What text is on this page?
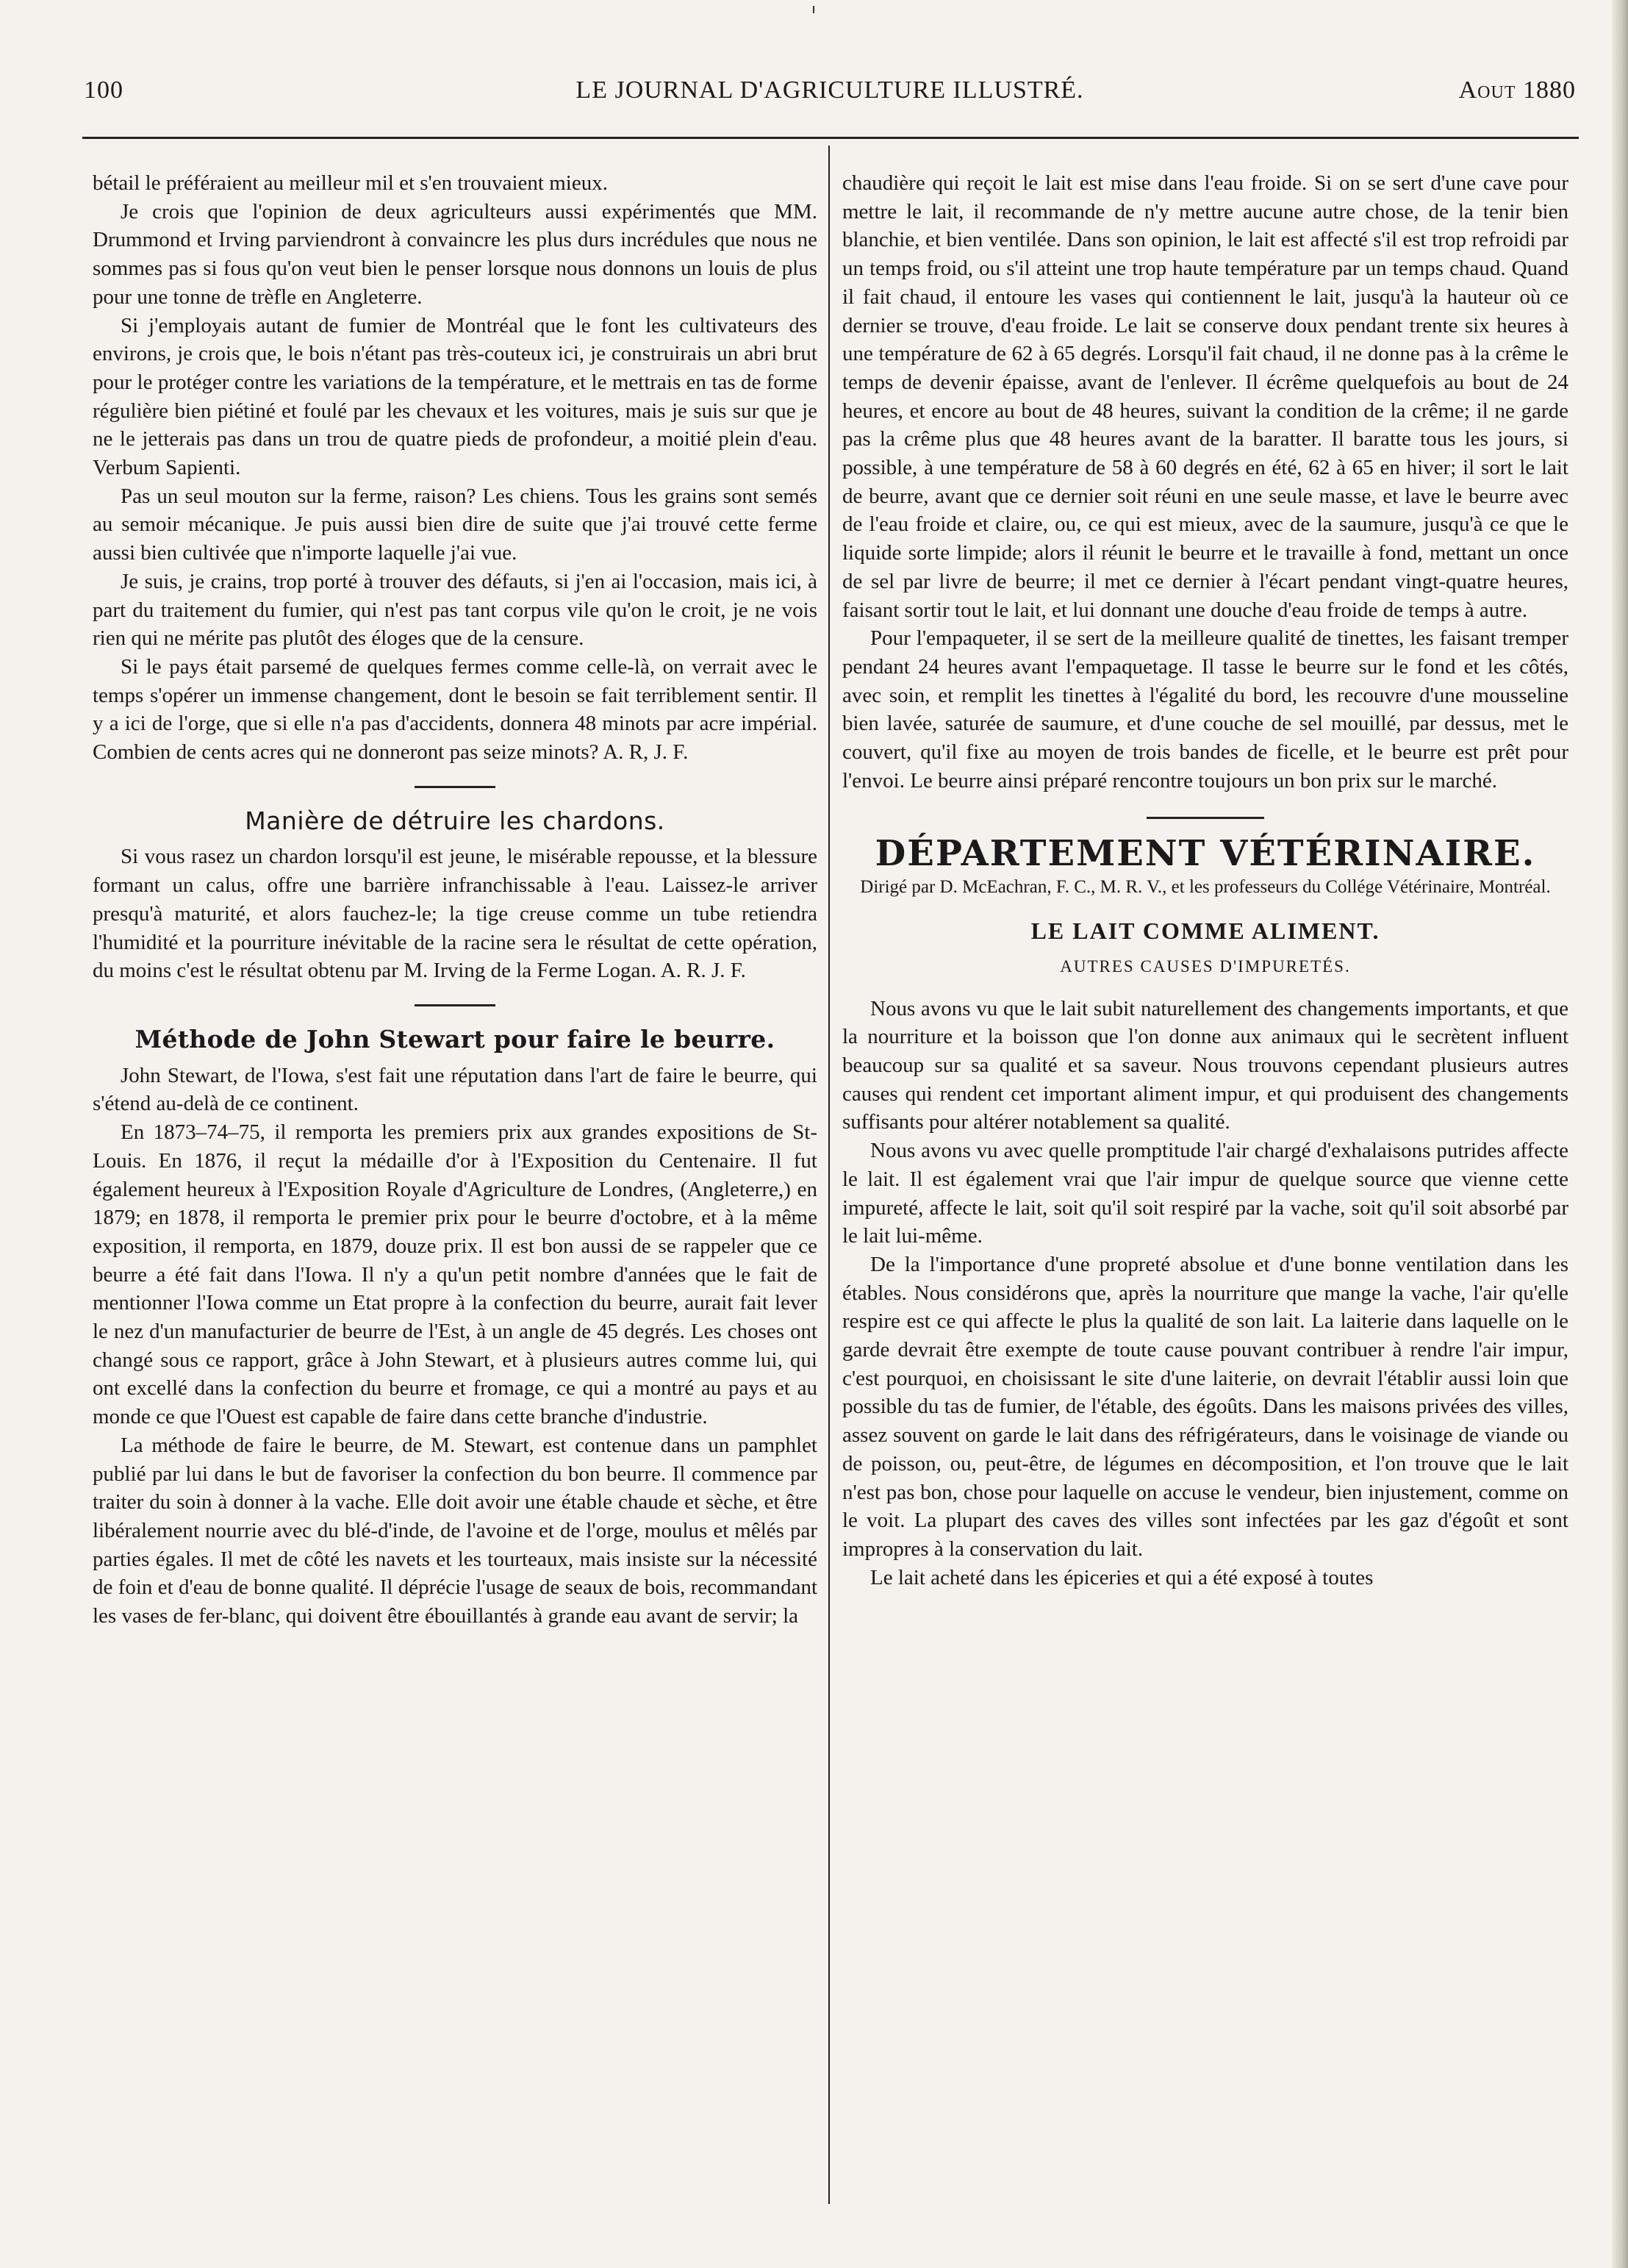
100	LE JOURNAL D'AGRICULTURE ILLUSTRÉ.	Aout 1880

bétail le préféraient au meilleur mil et s'en trouvaient mieux.

Je crois que l'opinion de deux agriculteurs aussi expérimentés que MM. Drummond et Irving parviendront à convaincre les plus durs incrédules que nous ne sommes pas si fous qu'on veut bien le penser lorsque nous donnons un louis de plus pour une tonne de trèfle en Angleterre.

Si j'employais autant de fumier de Montréal que le font les cultivateurs des environs, je crois que, le bois n'étant pas très-couteux ici, je construirais un abri brut pour le protéger contre les variations de la température, et le mettrais en tas de forme régulière bien piétiné et foulé par les chevaux et les voitures, mais je suis sur que je ne le jetterais pas dans un trou de quatre pieds de profondeur, a moitié plein d'eau. Verbum Sapienti.

Pas un seul mouton sur la ferme, raison? Les chiens. Tous les grains sont semés au semoir mécanique. Je puis aussi bien dire de suite que j'ai trouvé cette ferme aussi bien cultivée que n'importe laquelle j'ai vue.

Je suis, je crains, trop porté à trouver des défauts, si j'en ai l'occasion, mais ici, à part du traitement du fumier, qui n'est pas tant corpus vile qu'on le croit, je ne vois rien qui ne mérite pas plutôt des éloges que de la censure.

Si le pays était parsemé de quelques fermes comme celle-là, on verrait avec le temps s'opérer un immense changement, dont le besoin se fait terriblement sentir. Il y a ici de l'orge, que si elle n'a pas d'accidents, donnera 48 minots par acre impérial. Combien de cents acres qui ne donneront pas seize minots? A. R, J. F.

Manière de détruire les chardons.

Si vous rasez un chardon lorsqu'il est jeune, le misérable repousse, et la blessure formant un calus, offre une barrière infranchissable à l'eau. Laissez-le arriver presqu'à maturité, et alors fauchez-le; la tige creuse comme un tube retiendra l'humidité et la pourriture inévitable de la racine sera le résultat de cette opération, du moins c'est le résultat obtenu par M. Irving de la Ferme Logan. A. R. J. F.

Méthode de John Stewart pour faire le beurre.

John Stewart, de l'Iowa, s'est fait une réputation dans l'art de faire le beurre, qui s'étend au-delà de ce continent.

En 1873–74–75, il remporta les premiers prix aux grandes expositions de St-Louis. En 1876, il reçut la médaille d'or à l'Exposition du Centenaire. Il fut également heureux à l'Exposition Royale d'Agriculture de Londres, (Angleterre,) en 1879; en 1878, il remporta le premier prix pour le beurre d'octobre, et à la même exposition, il remporta, en 1879, douze prix. Il est bon aussi de se rappeler que ce beurre a été fait dans l'Iowa. Il n'y a qu'un petit nombre d'années que le fait de mentionner l'Iowa comme un Etat propre à la confection du beurre, aurait fait lever le nez d'un manufacturier de beurre de l'Est, à un angle de 45 degrés. Les choses ont changé sous ce rapport, grâce à John Stewart, et à plusieurs autres comme lui, qui ont excellé dans la confection du beurre et fromage, ce qui a montré au pays et au monde ce que l'Ouest est capable de faire dans cette branche d'industrie.

La méthode de faire le beurre, de M. Stewart, est contenue dans un pamphlet publié par lui dans le but de favoriser la confection du bon beurre. Il commence par traiter du soin à donner à la vache. Elle doit avoir une étable chaude et sèche, et être libéralement nourrie avec du blé-d'inde, de l'avoine et de l'orge, moulus et mêlés par parties égales. Il met de côté les navets et les tourteaux, mais insiste sur la nécessité de foin et d'eau de bonne qualité. Il déprécie l'usage de seaux de bois, recommandant les vases de fer-blanc, qui doivent être ébouillantés à grande eau avant de servir; la

chaudière qui reçoit le lait est mise dans l'eau froide. Si on se sert d'une cave pour mettre le lait, il recommande de n'y mettre aucune autre chose, de la tenir bien blanchie, et bien ventilée. Dans son opinion, le lait est affecté s'il est trop refroidi par un temps froid, ou s'il atteint une trop haute température par un temps chaud. Quand il fait chaud, il entoure les vases qui contiennent le lait, jusqu'à la hauteur où ce dernier se trouve, d'eau froide. Le lait se conserve doux pendant trente six heures à une température de 62 à 65 degrés. Lorsqu'il fait chaud, il ne donne pas à la crême le temps de devenir épaisse, avant de l'enlever. Il écrême quelquefois au bout de 24 heures, et encore au bout de 48 heures, suivant la condition de la crême; il ne garde pas la crême plus que 48 heures avant de la baratter. Il baratte tous les jours, si possible, à une température de 58 à 60 degrés en été, 62 à 65 en hiver; il sort le lait de beurre, avant que ce dernier soit réuni en une seule masse, et lave le beurre avec de l'eau froide et claire, ou, ce qui est mieux, avec de la saumure, jusqu'à ce que le liquide sorte limpide; alors il réunit le beurre et le travaille à fond, mettant un once de sel par livre de beurre; il met ce dernier à l'écart pendant vingt-quatre heures, faisant sortir tout le lait, et lui donnant une douche d'eau froide de temps à autre.

Pour l'empaqueter, il se sert de la meilleure qualité de tinettes, les faisant tremper pendant 24 heures avant l'empaquetage. Il tasse le beurre sur le fond et les côtés, avec soin, et remplit les tinettes à l'égalité du bord, les recouvre d'une mousseline bien lavée, saturée de saumure, et d'une couche de sel mouillé, par dessus, met le couvert, qu'il fixe au moyen de trois bandes de ficelle, et le beurre est prêt pour l'envoi. Le beurre ainsi préparé rencontre toujours un bon prix sur le marché.

DÉPARTEMENT VÉTÉRINAIRE.
Dirigé par D. McEachran, F. C., M. R. V., et les professeurs du Collége Vétérinaire, Montréal.
LE LAIT COMME ALIMENT.
AUTRES CAUSES D'IMPURETÉS.

Nous avons vu que le lait subit naturellement des changements importants, et que la nourriture et la boisson que l'on donne aux animaux qui le secrètent influent beaucoup sur sa qualité et sa saveur. Nous trouvons cependant plusieurs autres causes qui rendent cet important aliment impur, et qui produisent des changements suffisants pour altérer notablement sa qualité.

Nous avons vu avec quelle promptitude l'air chargé d'exhalaisons putrides affecte le lait. Il est également vrai que l'air impur de quelque source que vienne cette impureté, affecte le lait, soit qu'il soit respiré par la vache, soit qu'il soit absorbé par le lait lui-même.

De la l'importance d'une propreté absolue et d'une bonne ventilation dans les étables. Nous considérons que, après la nourriture que mange la vache, l'air qu'elle respire est ce qui affecte le plus la qualité de son lait. La laiterie dans laquelle on le garde devrait être exempte de toute cause pouvant contribuer à rendre l'air impur, c'est pourquoi, en choisissant le site d'une laiterie, on devrait l'établir aussi loin que possible du tas de fumier, de l'étable, des égoûts. Dans les maisons privées des villes, assez souvent on garde le lait dans des réfrigérateurs, dans le voisinage de viande ou de poisson, ou, peut-être, de légumes en décomposition, et l'on trouve que le lait n'est pas bon, chose pour laquelle on accuse le vendeur, bien injustement, comme on le voit. La plupart des caves des villes sont infectées par les gaz d'égoût et sont impropres à la conservation du lait.

Le lait acheté dans les épiceries et qui a été exposé à toutes
